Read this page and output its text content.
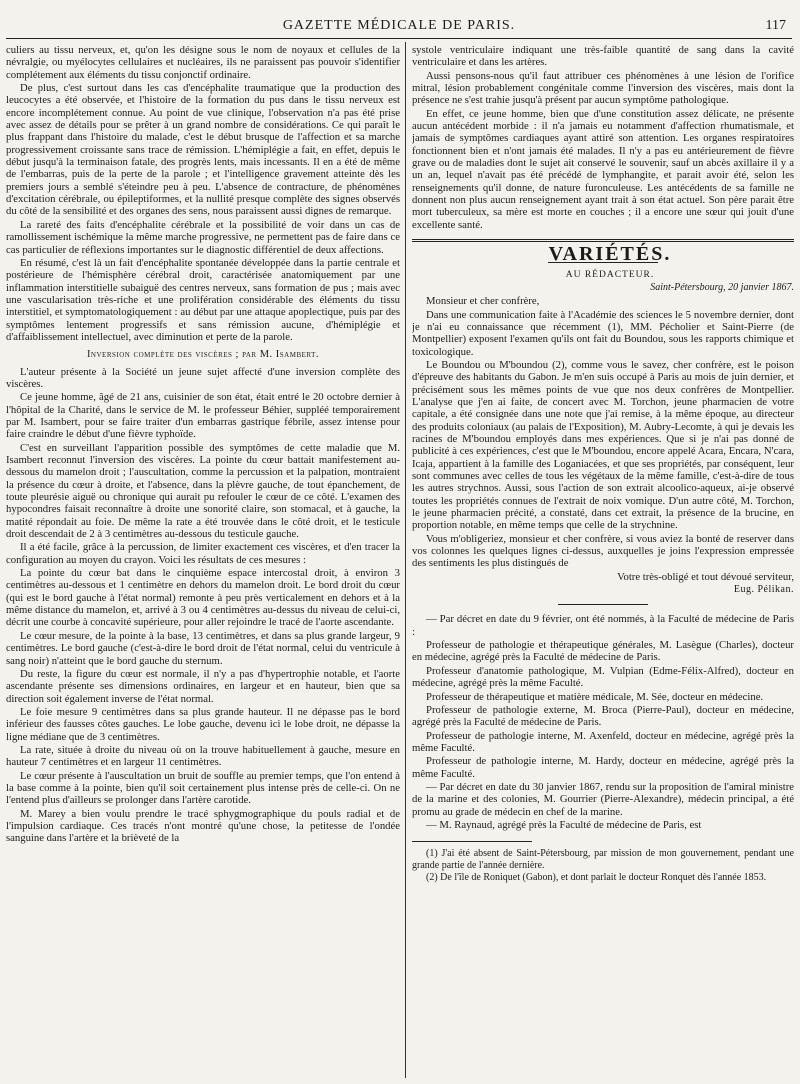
GAZETTE MÉDICALE DE PARIS.	117

culiers au tissu nerveux, et, qu'on les désigne sous le nom de noyaux et cellules de la névralgie, ou myélocytes cellulaires et nucléaires, ils ne paraissent pas pouvoir s'identifier complétement aux éléments du tissu conjonctif ordinaire.

De plus, c'est surtout dans les cas d'encéphalite traumatique que la production des leucocytes a été observée, et l'histoire de la formation du pus dans le tissu nerveux est encore incomplétement connue. Au point de vue clinique, l'observation n'a pas été prise avec assez de détails pour se prêter à un grand nombre de considérations. Ce qui paraît le plus frappant dans l'histoire du malade, c'est le début brusque de l'affection et sa marche progressivement croissante sans trace de rémission. L'hémiplégie a fait, en effet, depuis le début jusqu'à la terminaison fatale, des progrès lents, mais incessants. Il en a été de même de l'embarras, puis de la perte de la parole ; et l'intelligence gravement atteinte dès les premiers jours a semblé s'éteindre peu à peu. L'absence de contracture, de phénomènes d'excitation cérébrale, ou épileptiformes, et la nullité presque complète des signes observés du côté de la sensibilité et des organes des sens, nous paraissent aussi dignes de remarque.

La rareté des faits d'encéphalite cérébrale et la possibilité de voir dans un cas de ramollissement ischémique la même marche progressive, ne permettent pas de faire dans ce cas particulier de réflexions importantes sur le diagnostic différentiel de deux affections.

En résumé, c'est là un fait d'encéphalite spontanée développée dans la partie centrale et postérieure de l'hémisphère cérébral droit, caractérisée anatomiquement par une inflammation interstitielle subaiguë des centres nerveux, sans formation de pus ; mais avec une vascularisation très-riche et une prolifération considérable des éléments du tissu interstitiel, et symptomatologiquement : au début par une attaque apoplectique, puis par des symptômes lentement progressifs et sans rémission aucune, d'hémiplégie et d'affaiblissement intellectuel, avec diminution et perte de la parole.

Inversion complète des viscères ; par M. Isambert.

L'auteur présente à la Société un jeune sujet affecté d'une inversion complète des viscères.

Ce jeune homme, âgé de 21 ans, cuisinier de son état, était entré le 20 octobre dernier à l'hôpital de la Charité, dans le service de M. le professeur Béhier, suppléé temporairement par M. Isambert, pour se faire traiter d'un embarras gastrique fébrile, assez intense pour faire craindre le début d'une fièvre typhoïde.

C'est en surveillant l'apparition possible des symptômes de cette maladie que M. Isambert reconnut l'inversion des viscères. La pointe du cœur battait manifestement au-dessous du mamelon droit ; l'auscultation, comme la percussion et la palpation, montraient la présence du cœur à droite, et l'absence, dans la plèvre gauche, de tout épanchement, de toute pleurésie aiguë ou chronique qui aurait pu refouler le cœur de ce côté. L'examen des hypocondres faisait reconnaître à droite une sonorité claire, son stomacal, et à gauche, la matité répondait au foie. De même la rate a été trouvée dans le côté droit, et le testicule droit descendait de 2 à 3 centimètres au-dessous du testicule gauche.

Il a été facile, grâce à la percussion, de limiter exactement ces viscères, et d'en tracer la configuration au moyen du crayon. Voici les résultats de ces mesures :

La pointe du cœur bat dans le cinquième espace intercostal droit, à environ 3 centimètres au-dessous et 1 centimètre en dehors du mamelon droit. Le bord droit du cœur (qui est le bord gauche à l'état normal) remonte à peu près verticalement en dehors et à la même distance du mamelon, et, arrivé à 3 ou 4 centimètres au-dessus du niveau de celui-ci, décrit une courbe à concavité supérieure, pour aller rejoindre le tracé de l'aorte ascendante.

Le cœur mesure, de la pointe à la base, 13 centimètres, et dans sa plus grande largeur, 9 centimètres. Le bord gauche (c'est-à-dire le bord droit de l'état normal, celui du ventricule à sang noir) n'atteint que le bord gauche du sternum.

Du reste, la figure du cœur est normale, il n'y a pas d'hypertrophie notable, et l'aorte ascendante présente ses dimensions ordinaires, en largeur et en hauteur, bien que sa direction soit également inverse de l'état normal.

Le foie mesure 9 centimètres dans sa plus grande hauteur. Il ne dépasse pas le bord inférieur des fausses côtes gauches. Le lobe gauche, devenu ici le lobe droit, ne dépasse la ligne médiane que de 3 centimètres.

La rate, située à droite du niveau où on la trouve habituellement à gauche, mesure en hauteur 7 centimètres et en largeur 11 centimètres.

Le cœur présente à l'auscultation un bruit de souffle au premier temps, que l'on entend à la base comme à la pointe, bien qu'il soit certainement plus intense près de celle-ci. On ne l'entend plus d'ailleurs se prolonger dans l'artère carotide.

M. Marey a bien voulu prendre le tracé sphygmographique du pouls radial et de l'impulsion cardiaque. Ces tracés n'ont montré qu'une chose, la petitesse de l'ondée sanguine dans l'artère et la brièveté de la

systole ventriculaire indiquant une très-faible quantité de sang dans la cavité ventriculaire et dans les artères.

Aussi pensons-nous qu'il faut attribuer ces phénomènes à une lésion de l'orifice mitral, lésion probablement congénitale comme l'inversion des viscères, mais dont la présence ne s'est trahie jusqu'à présent par aucun symptôme pathologique.

En effet, ce jeune homme, bien que d'une constitution assez délicate, ne présente aucun antécédent morbide : il n'a jamais eu notamment d'affection rhumatismale, et jamais de symptômes cardiaques ayant attiré son attention. Les organes respiratoires fonctionnent bien et n'ont jamais été malades. Il n'y a pas eu antérieurement de fièvre grave ou de maladies dont le sujet ait conservé le souvenir, sauf un abcès axillaire il y a un an, lequel n'avait pas été précédé de lymphangite, et parait avoir été, selon les renseignements qu'il donne, de nature furonculeuse. Les antécédents de sa famille ne donnent non plus aucun renseignement ayant trait à son état actuel. Son père parait être mort tuberculeux, sa mère est morte en couches ; il a encore une sœur qui jouit d'une excellente santé.

VARIÉTÉS.

AU RÉDACTEUR.

Saint-Pétersbourg, 20 janvier 1867.

Monsieur et cher confrère,

Dans une communication faite à l'Académie des sciences le 5 novembre dernier, dont je n'ai eu connaissance que récemment (1), MM. Pécholier et Saint-Pierre (de Montpellier) exposent l'examen qu'ils ont fait du Boundou, sous les rapports chimique et toxicologique.

Le Boundou ou M'boundou (2), comme vous le savez, cher confrère, est le poison d'épreuve des habitants du Gabon. Je m'en suis occupé à Paris au mois de juin dernier, et précisément sous les mêmes points de vue que nos deux confrères de Montpellier. L'analyse que j'en ai faite, de concert avec M. Torchon, jeune pharmacien de votre capitale, a été consignée dans une note que j'ai remise, à la même époque, au directeur des produits coloniaux (au palais de l'Exposition), M. Aubry-Lecomte, à qui je devais les racines de M'boundou employés dans mes expériences. Que si je n'ai pas donné de publicité à ces expériences, c'est que le M'boundou, encore appelé Acara, Encara, N'cara, Icaja, appartient à la famille des Loganiacées, et que ses propriétés, par conséquent, leur sont communes avec celles de tous les végétaux de la même famille, c'est-à-dire de tous les autres strychnos. Aussi, sous l'action de son extrait alcoolico-aqueux, ai-je observé toutes les propriétés connues de l'extrait de noix vomique. D'un autre côté, M. Torchon, le jeune pharmacien précité, a constaté, dans cet extrait, la présence de la brucine, en proportion notable, en même temps que celle de la strychnine.

Vous m'obligeriez, monsieur et cher confrère, si vous aviez la bonté de reserver dans vos colonnes les quelques lignes ci-dessus, auxquelles je joins l'expression empressée des sentiments les plus distingués de

Votre très-obligé et tout dévoué serviteur,

Eug. Pélikan.

— Par décret en date du 9 février, ont été nommés, à la Faculté de médecine de Paris :

Professeur de pathologie et thérapeutique générales, M. Lasègue (Charles), docteur en médecine, agrégé près la Faculté de médecine de Paris.

Professeur d'anatomie pathologique, M. Vulpian (Edme-Félix-Alfred), docteur en médecine, agrégé près la même Faculté.

Professeur de thérapeutique et matière médicale, M. Sée, docteur en médecine.

Professeur de pathologie externe, M. Broca (Pierre-Paul), docteur en médecine, agrégé près la Faculté de médecine de Paris.

Professeur de pathologie interne, M. Axenfeld, docteur en médecine, agrégé près la même Faculté.

Professeur de pathologie interne, M. Hardy, docteur en médecine, agrégé près la même Faculté.

— Par décret en date du 30 janvier 1867, rendu sur la proposition de l'amiral ministre de la marine et des colonies, M. Gourrier (Pierre-Alexandre), médecin principal, a été promu au grade de médecin en chef de la marine.

— M. Raynaud, agrégé près la Faculté de médecine de Paris, est

(1) J'ai été absent de Saint-Pétersbourg, par mission de mon gouvernement, pendant une grande partie de l'année dernière.

(2) De l'île de Roniquet (Gabon), et dont parlait le docteur Ronquet dès l'année 1853.
